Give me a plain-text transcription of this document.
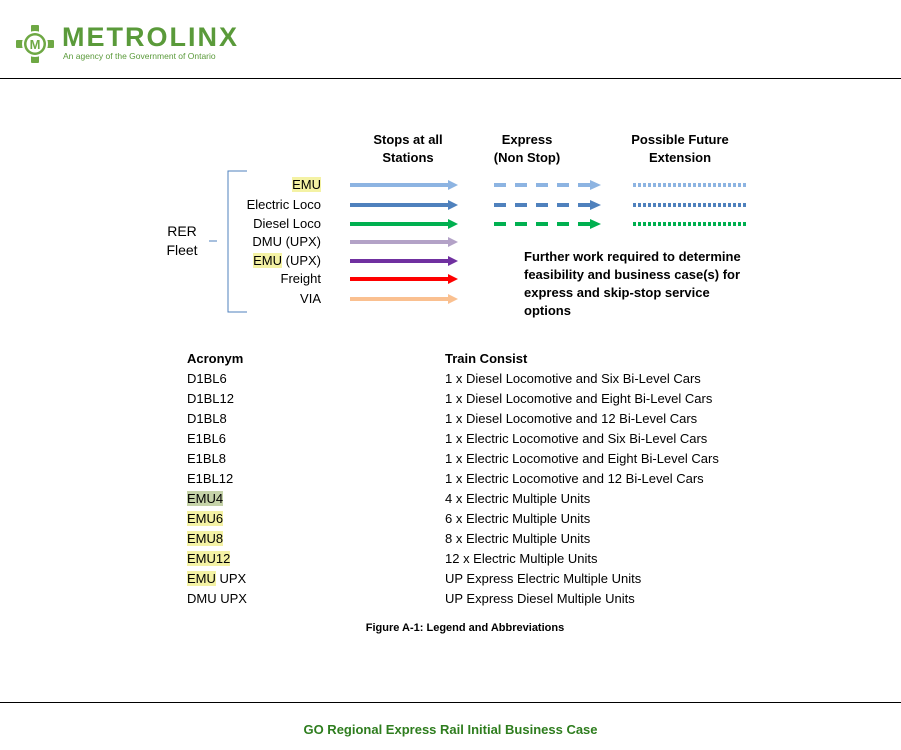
M METROLINX
An agency of the Government of Ontario
Stops at all
Stations
Express
(Non Stop)
Possible Future
Extension
RER
Fleet
EMU
Electric Loco
Diesel Loco
DMU (UPX)
EMU (UPX)
Freight
VIA
Further work required to determine feasibility and business case(s) for express and skip-stop service options
Acronym	Train Consist
D1BL6	1 x Diesel Locomotive and Six Bi-Level Cars
D1BL12	1 x Diesel Locomotive and Eight Bi-Level Cars
D1BL8	1 x Diesel Locomotive and 12 Bi-Level Cars
E1BL6	1 x Electric Locomotive and Six Bi-Level Cars
E1BL8	1 x Electric Locomotive and Eight Bi-Level Cars
E1BL12	1 x Electric Locomotive and 12 Bi-Level Cars
EMU4	4 x Electric Multiple Units
EMU6	6 x Electric Multiple Units
EMU8	8 x Electric Multiple Units
EMU12	12 x Electric Multiple Units
EMU UPX	UP Express Electric Multiple Units
DMU UPX	UP Express Diesel Multiple Units
Figure A-1: Legend and Abbreviations
GO Regional Express Rail Initial Business Case
